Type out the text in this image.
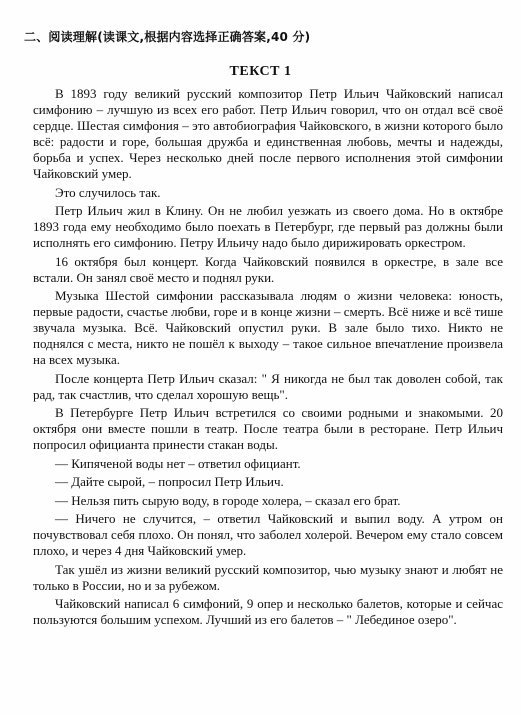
二、阅读理解(读课文,根据内容选择正确答案,40 分)
ТЕКСТ 1

В 1893 году великий русский композитор Петр Ильич Чайковский написал симфонию – лучшую из всех его работ. Петр Ильич говорил, что он отдал всё своё сердце. Шестая симфония – это автобиография Чайковского, в жизни которого было всё: радости и горе, большая дружба и единственная любовь, мечты и надежды, борьба и успех. Через несколько дней после первого исполнения этой симфонии Чайковский умер.

Это случилось так.

Петр Ильич жил в Клину. Он не любил уезжать из своего дома. Но в октябре 1893 года ему необходимо было поехать в Петербург, где первый раз должны были исполнять его симфонию. Петру Ильичу надо было дирижировать оркестром.

16 октября был концерт. Когда Чайковский появился в оркестре, в зале все встали. Он занял своё место и поднял руки.

Музыка Шестой симфонии рассказывала людям о жизни человека: юность, первые радости, счастье любви, горе и в конце жизни – смерть. Всё ниже и всё тише звучала музыка. Всё. Чайковский опустил руки. В зале было тихо. Никто не поднялся с места, никто не пошёл к выходу – такое сильное впечатление произвела на всех музыка.

После концерта Петр Ильич сказал: " Я никогда не был так доволен собой, так рад, так счастлив, что сделал хорошую вещь".

В Петербурге Петр Ильич встретился со своими родными и знакомыми. 20 октября они вместе пошли в театр. После театра были в ресторане. Петр Ильич попросил официанта принести стакан воды.

— Кипяченой воды нет – ответил официант.

— Дайте сырой, – попросил Петр Ильич.

— Нельзя пить сырую воду, в городе холера, – сказал его брат.

— Ничего не случится, – ответил Чайковский и выпил воду. А утром он почувствовал себя плохо. Он понял, что заболел холерой. Вечером ему стало совсем плохо, и через 4 дня Чайковский умер.

Так ушёл из жизни великий русский композитор, чью музыку знают и любят не только в России, но и за рубежом.

Чайковский написал 6 симфоний, 9 опер и несколько балетов, которые и сейчас пользуются большим успехом. Лучший из его балетов – " Лебединое озеро".
